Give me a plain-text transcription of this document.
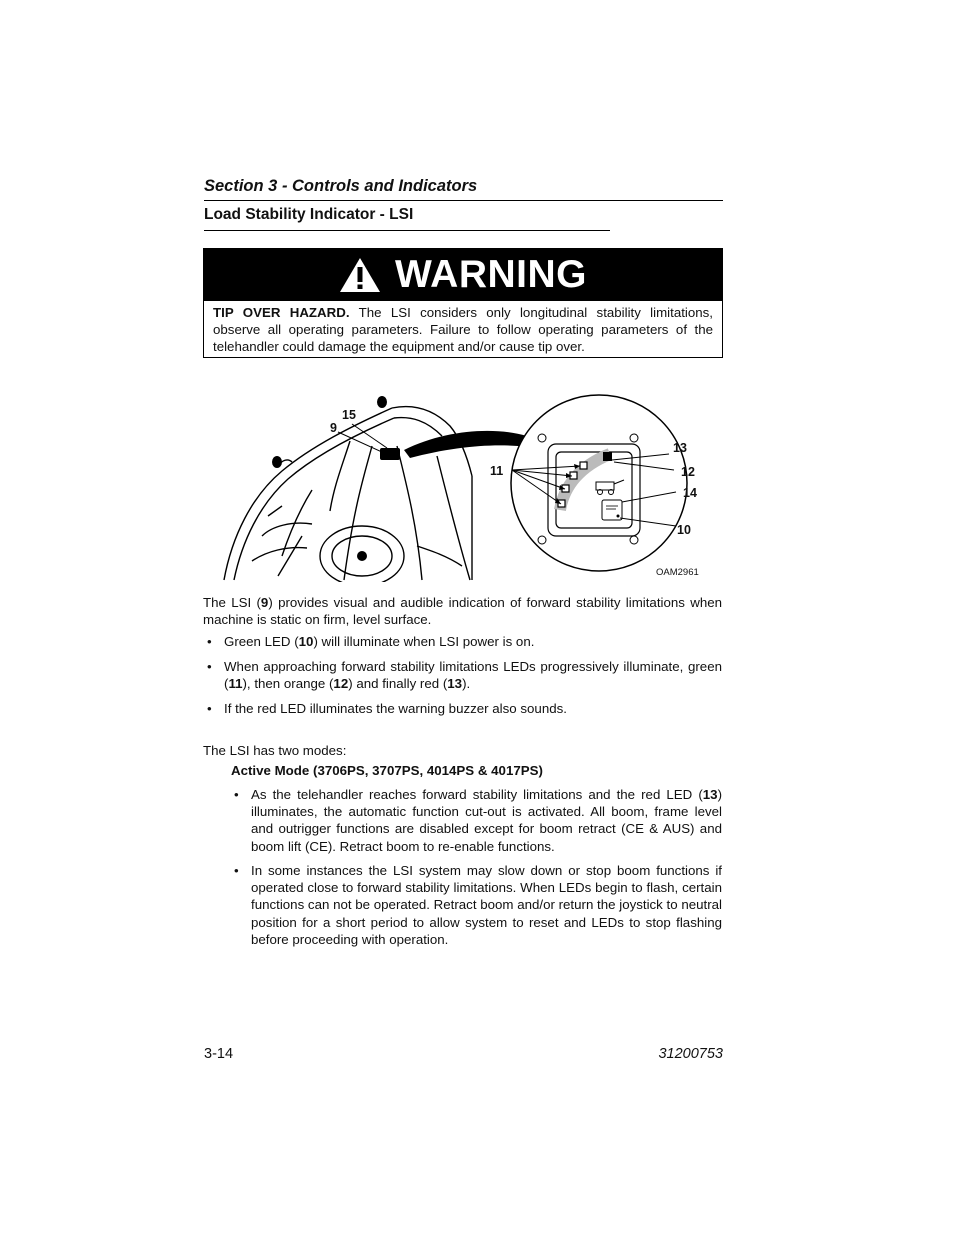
Section 3 - Controls and Indicators
Load Stability Indicator - LSI
WARNING
TIP OVER HAZARD. The LSI considers only longitudinal stability limitations, observe all operating parameters. Failure to follow operating parameters of the telehandler could damage the equipment and/or cause tip over.
15
9
11
13
12
14
10
OAM2961
The LSI (9) provides visual and audible indication of forward stability limitations when machine is static on firm, level surface.
• Green LED (10) will illuminate when LSI power is on.
• When approaching forward stability limitations LEDs progressively illuminate, green (11), then orange (12) and finally red (13).
• If the red LED illuminates the warning buzzer also sounds.
The LSI has two modes:
Active Mode (3706PS, 3707PS, 4014PS & 4017PS)
• As the telehandler reaches forward stability limitations and the red LED (13) illuminates, the automatic function cut-out is activated. All boom, frame level and outrigger functions are disabled except for boom retract (CE & AUS) and boom lift (CE). Retract boom to re-enable functions.
• In some instances the LSI system may slow down or stop boom functions if operated close to forward stability limitations. When LEDs begin to flash, certain functions can not be operated. Retract boom and/or return the joystick to neutral position for a short period to allow system to reset and LEDs to stop flashing before proceeding with operation.
3-14	31200753
